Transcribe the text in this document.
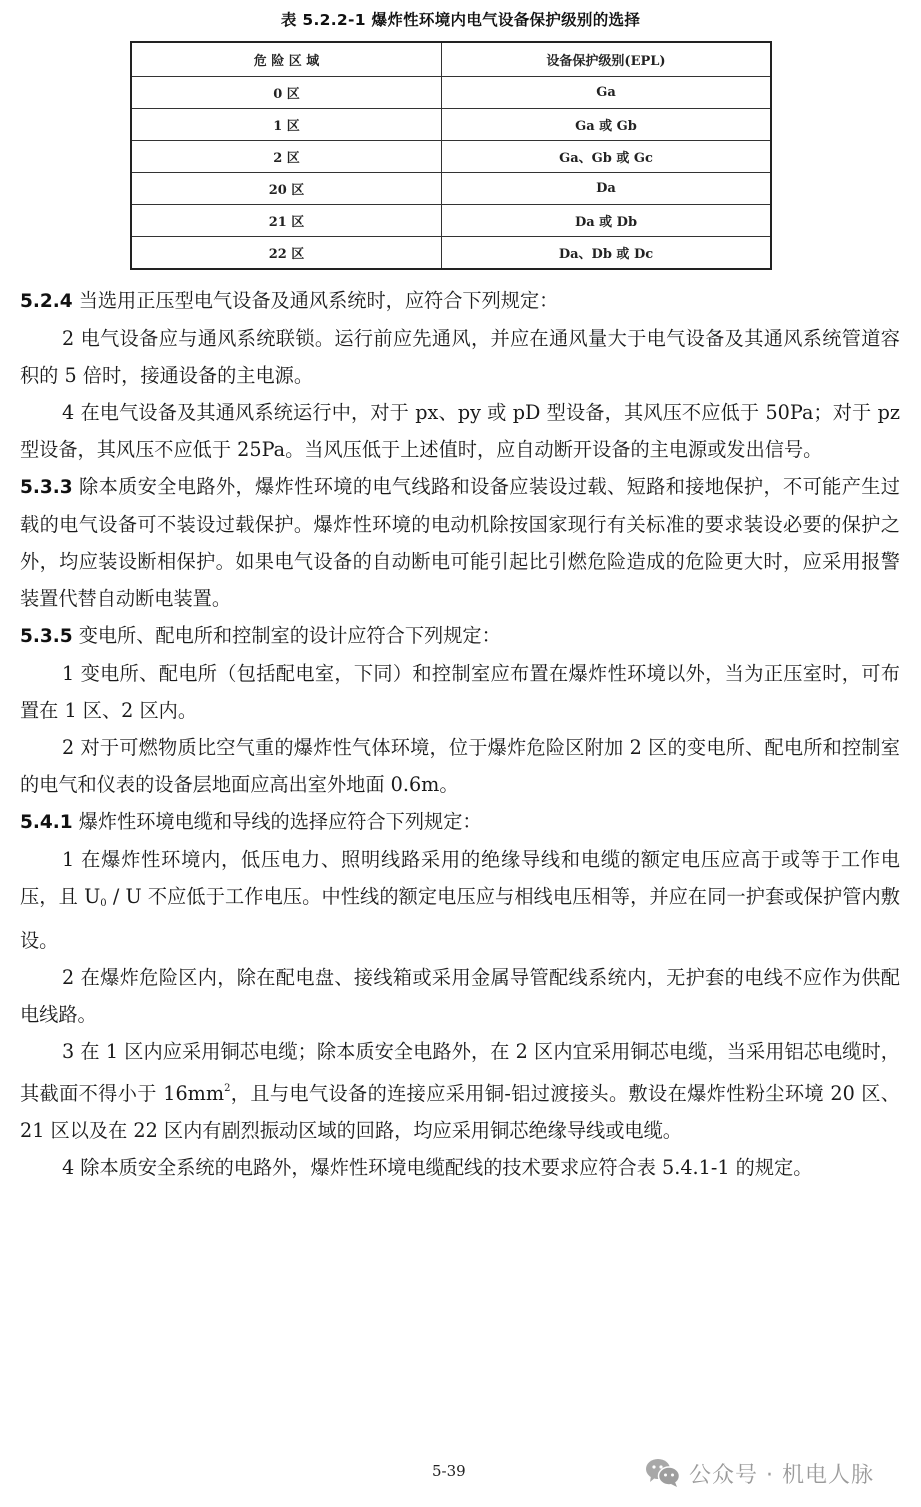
表 5.2.2-1 爆炸性环境内电气设备保护级别的选择
危 险 区 域	设备保护级别(EPL)
0 区	Ga
1 区	Ga 或 Gb
2 区	Ga、Gb 或 Gc
20 区	Da
21 区	Da 或 Db
22 区	Da、Db 或 Dc

5.2.4 当选用正压型电气设备及通风系统时，应符合下列规定：

2 电气设备应与通风系统联锁。运行前应先通风，并应在通风量大于电气设备及其通风系统管道容积的 5 倍时，接通设备的主电源。

4 在电气设备及其通风系统运行中，对于 px、py 或 pD 型设备，其风压不应低于 50Pa；对于 pz 型设备，其风压不应低于 25Pa。当风压低于上述值时，应自动断开设备的主电源或发出信号。

5.3.3 除本质安全电路外，爆炸性环境的电气线路和设备应装设过载、短路和接地保护，不可能产生过载的电气设备可不装设过载保护。爆炸性环境的电动机除按国家现行有关标准的要求装设必要的保护之外，均应装设断相保护。如果电气设备的自动断电可能引起比引燃危险造成的危险更大时，应采用报警装置代替自动断电装置。

5.3.5 变电所、配电所和控制室的设计应符合下列规定：

1 变电所、配电所（包括配电室，下同）和控制室应布置在爆炸性环境以外，当为正压室时，可布置在 1 区、2 区内。

2 对于可燃物质比空气重的爆炸性气体环境，位于爆炸危险区附加 2 区的变电所、配电所和控制室的电气和仪表的设备层地面应高出室外地面 0.6m。

5.4.1 爆炸性环境电缆和导线的选择应符合下列规定：

1 在爆炸性环境内，低压电力、照明线路采用的绝缘导线和电缆的额定电压应高于或等于工作电压，且 $U_0$ / U 不应低于工作电压。中性线的额定电压应与相线电压相等，并应在同一护套或保护管内敷设。

2 在爆炸危险区内，除在配电盘、接线箱或采用金属导管配线系统内，无护套的电线不应作为供配电线路。

3 在 1 区内应采用铜芯电缆；除本质安全电路外，在 2 区内宜采用铜芯电缆，当采用铝芯电缆时，其截面不得小于 $16mm^2$，且与电气设备的连接应采用铜-铝过渡接头。敷设在爆炸性粉尘环境 20 区、21 区以及在 22 区内有剧烈振动区域的回路，均应采用铜芯绝缘导线或电缆。

4 除本质安全系统的电路外，爆炸性环境电缆配线的技术要求应符合表 5.4.1-1 的规定。

5-39	公众号 · 机电人脉
